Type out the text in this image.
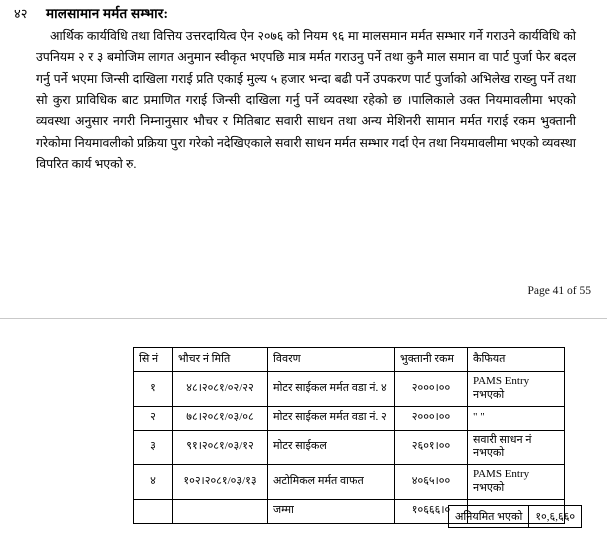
४२	मालसामान मर्मत सम्भार:
आर्थिक कार्यविधि तथा वित्तिय उत्तरदायित्व ऐन २०७६ को नियम ९६ मा मालसमान मर्मत सम्भार गर्ने गराउने कार्यविधि को उपनियम २ र ३ बमोजिम लागत अनुमान स्वीकृत भएपछि मात्र मर्मत गराउनु पर्ने तथा कुनै माल समान वा पार्ट पुर्जा फेर बदल गर्नु पर्ने भएमा जिन्सी दाखिला गराई प्रति एकाई मुल्य ५ हजार भन्दा बढी पर्ने उपकरण पार्ट पुर्जाको अभिलेख राख्नु पर्ने तथा सो कुरा प्राविधिक बाट प्रमाणित गराई जिन्सी दाखिला गर्नु पर्ने व्यवस्था रहेको छ ।पालिकाले उक्त नियमावलीमा भएको व्यवस्था अनुसार नगरी निम्नानुसार भौचर र मितिबाट सवारी साधन तथा अन्य मेशिनरी सामान मर्मत गराई रकम भुक्तानी गरेकोमा नियमावलीको प्रक्रिया पुरा गरेको नदेखिएकाले सवारी साधन मर्मत सम्भार गर्दा ऐन तथा नियमावलीमा भएको व्यवस्था विपरित कार्य भएको रु.
Page 41 of 55
सि नं	भौचर नं मिति	विवरण	भुक्तानी रकम	कैफियत
१	४८।२०८१/०२/२२	मोटर साईकल मर्मत वडा नं. ४	२०००।००	PAMS Entry नभएको
२	७८।२०८१/०३/०८	मोटर साईकल मर्मत वडा नं. २	२०००।००	" "
३	९१।२०८१/०३/१२	मोटर साईकल	२६०१।००	सवारी साधन नं नभएको
४	१०२।२०८१/०३/१३	अटोमिकल मर्मत वाफत	४०६५।००	PAMS Entry नभएको
		जम्मा	१०६६६।०	
अनियमित भएको	१०,६,६६०
